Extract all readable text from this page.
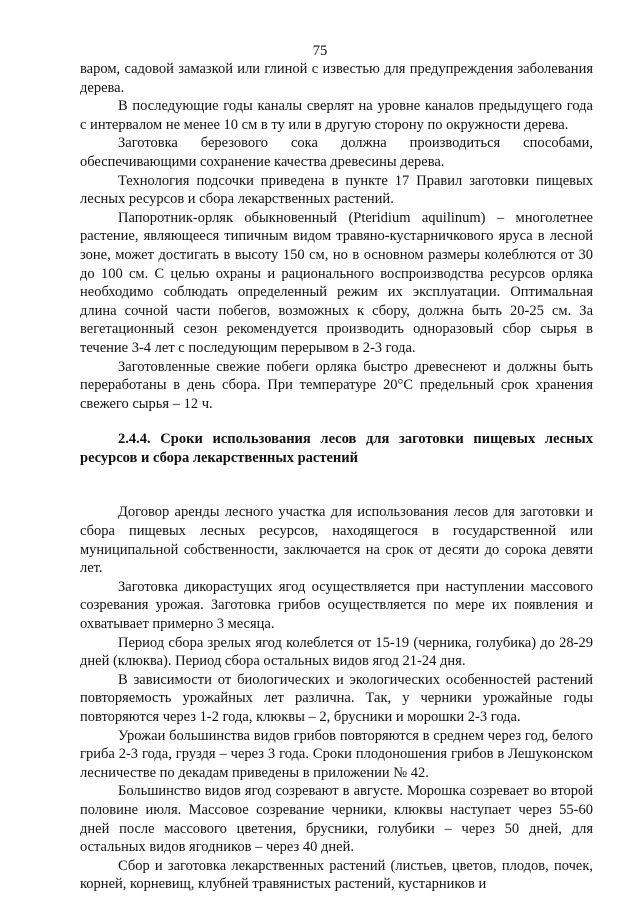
75

варом, садовой замазкой или глиной с известью для предупреждения заболевания дерева.

В последующие годы каналы сверлят на уровне каналов предыдущего года с интервалом не менее 10 см в ту или в другую сторону по окружности дерева.

Заготовка березового сока должна производиться способами, обеспечивающими сохранение качества древесины дерева.

Технология подсочки приведена в пункте 17 Правил заготовки пищевых лесных ресурсов и сбора лекарственных растений.

Папоротник-орляк обыкновенный (Pteridium aquilinum) – многолетнее растение, являющееся типичным видом травяно-кустарничкового яруса в лесной зоне, может достигать в высоту 150 см, но в основном размеры колеблются от 30 до 100 см. С целью охраны и рационального воспроизводства ресурсов орляка необходимо соблюдать определенный режим их эксплуатации. Оптимальная длина сочной части побегов, возможных к сбору, должна быть 20-25 см. За вегетационный сезон рекомендуется производить одноразовый сбор сырья в течение 3-4 лет с последующим перерывом в 2-3 года.

Заготовленные свежие побеги орляка быстро древеснеют и должны быть переработаны в день сбора. При температуре 20°С предельный срок хранения свежего сырья – 12 ч.

2.4.4. Сроки использования лесов для заготовки пищевых лесных ресурсов и сбора лекарственных растений

Договор аренды лесного участка для использования лесов для заготовки и сбора пищевых лесных ресурсов, находящегося в государственной или муниципальной собственности, заключается на срок от десяти до сорока девяти лет.

Заготовка дикорастущих ягод осуществляется при наступлении массового созревания урожая. Заготовка грибов осуществляется по мере их появления и охватывает примерно 3 месяца.

Период сбора зрелых ягод колеблется от 15-19 (черника, голубика) до 28-29 дней (клюква). Период сбора остальных видов ягод 21-24 дня.

В зависимости от биологических и экологических особенностей растений повторяемость урожайных лет различна. Так, у черники урожайные годы повторяются через 1-2 года, клюквы – 2, брусники и морошки 2-3 года.

Урожаи большинства видов грибов повторяются в среднем через год, белого гриба 2-3 года, груздя – через 3 года. Сроки плодоношения грибов в Лешуконском лесничестве по декадам приведены в приложении № 42.

Большинство видов ягод созревают в августе. Морошка созревает во второй половине июля. Массовое созревание черники, клюквы наступает через 55-60 дней после массового цветения, брусники, голубики – через 50 дней, для остальных видов ягодников – через 40 дней.

Сбор и заготовка лекарственных растений (листьев, цветов, плодов, почек, корней, корневищ, клубней травянистых растений, кустарников и
